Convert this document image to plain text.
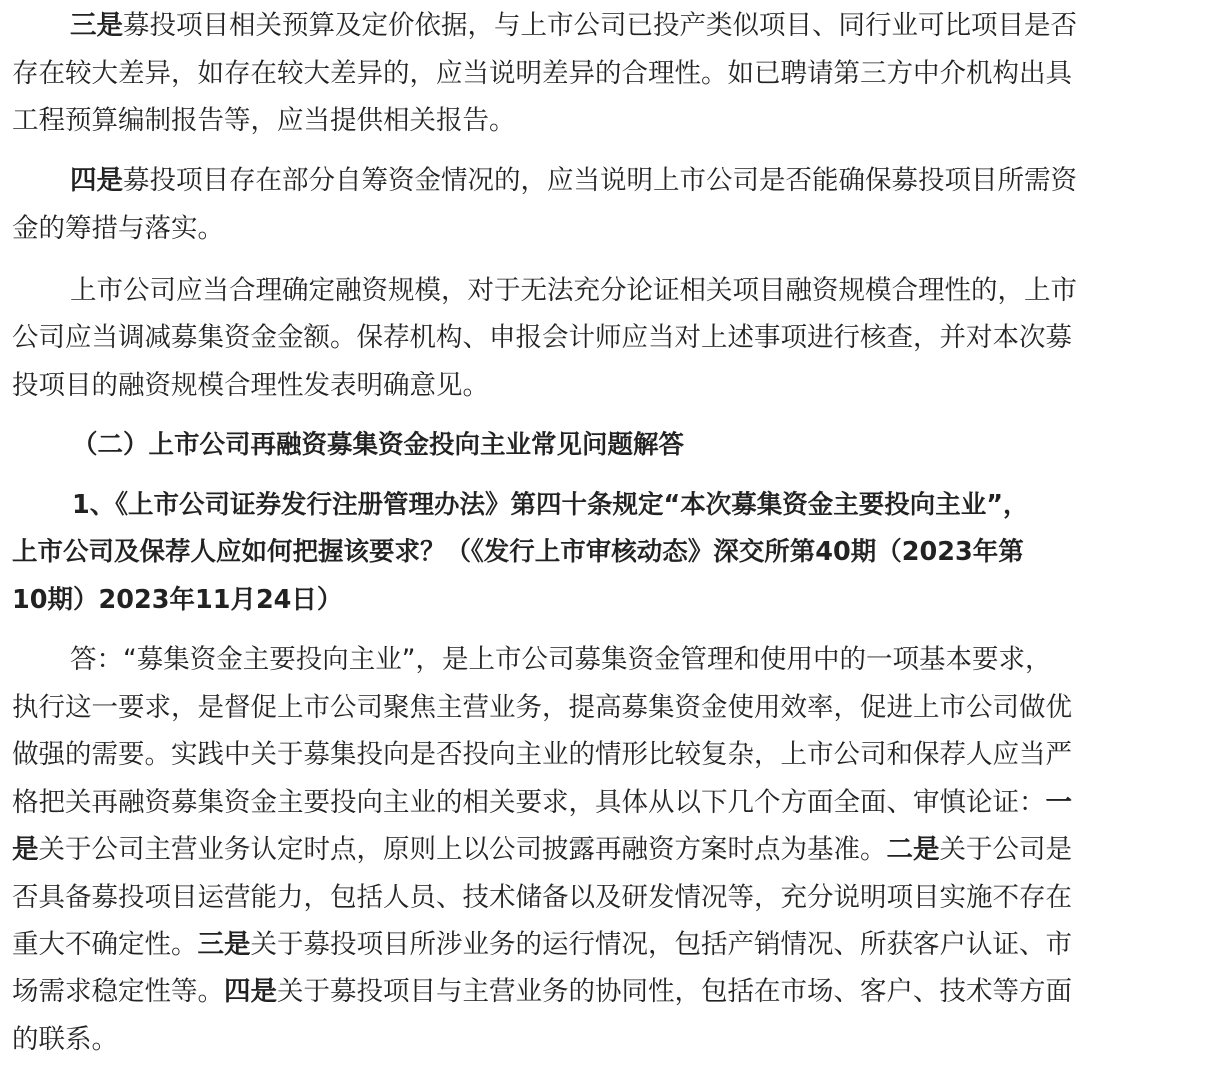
三是募投项目相关预算及定价依据，与上市公司已投产类似项目、同行业可比项目是否
存在较大差异，如存在较大差异的，应当说明差异的合理性。如已聘请第三方中介机构出具
工程预算编制报告等，应当提供相关报告。
四是募投项目存在部分自筹资金情况的，应当说明上市公司是否能确保募投项目所需资
金的筹措与落实。
上市公司应当合理确定融资规模，对于无法充分论证相关项目融资规模合理性的，上市
公司应当调减募集资金金额。保荐机构、申报会计师应当对上述事项进行核查，并对本次募
投项目的融资规模合理性发表明确意见。
（二）上市公司再融资募集资金投向主业常见问题解答
1、《上市公司证券发行注册管理办法》第四十条规定“本次募集资金主要投向主业”，
上市公司及保荐人应如何把握该要求？（《发行上市审核动态》深交所第40期（2023年第
10期）2023年11月24日）
答：“募集资金主要投向主业”，是上市公司募集资金管理和使用中的一项基本要求，
执行这一要求，是督促上市公司聚焦主营业务，提高募集资金使用效率，促进上市公司做优
做强的需要。实践中关于募集投向是否投向主业的情形比较复杂，上市公司和保荐人应当严
格把关再融资募集资金主要投向主业的相关要求，具体从以下几个方面全面、审慎论证：一
是关于公司主营业务认定时点，原则上以公司披露再融资方案时点为基准。二是关于公司是
否具备募投项目运营能力，包括人员、技术储备以及研发情况等，充分说明项目实施不存在
重大不确定性。三是关于募投项目所涉业务的运行情况，包括产销情况、所获客户认证、市
场需求稳定性等。四是关于募投项目与主营业务的协同性，包括在市场、客户、技术等方面
的联系。
